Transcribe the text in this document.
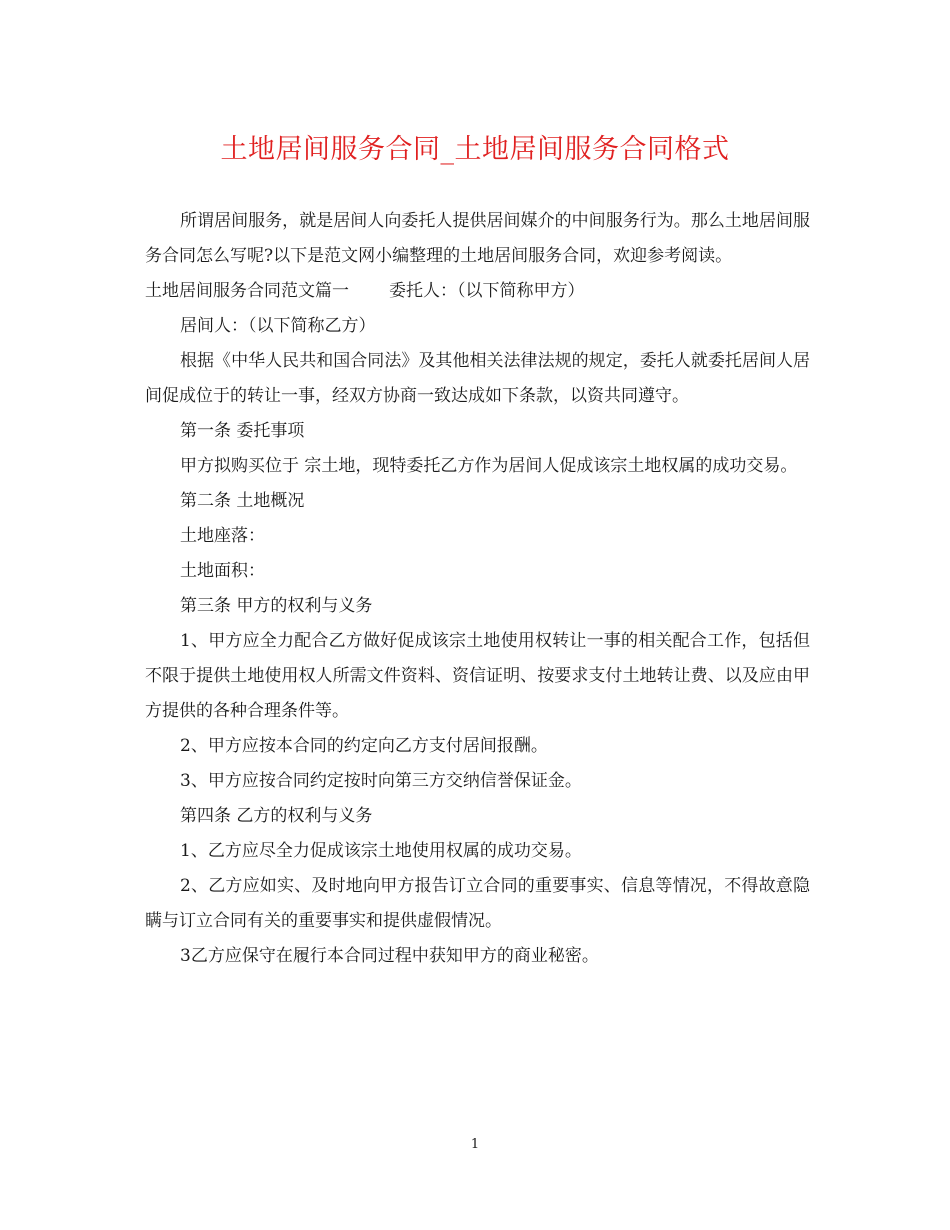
土地居间服务合同_土地居间服务合同格式

所谓居间服务，就是居间人向委托人提供居间媒介的中间服务行为。那么土地居间服务合同怎么写呢?以下是范文网小编整理的土地居间服务合同，欢迎参考阅读。

土地居间服务合同范文篇一 委托人：（以下简称甲方）

居间人：（以下简称乙方）

根据《中华人民共和国合同法》及其他相关法律法规的规定，委托人就委托居间人居间促成位于的转让一事，经双方协商一致达成如下条款，以资共同遵守。

第一条 委托事项

甲方拟购买位于 宗土地，现特委托乙方作为居间人促成该宗土地权属的成功交易。

第二条 土地概况

土地座落：

土地面积：

第三条 甲方的权利与义务

1、甲方应全力配合乙方做好促成该宗土地使用权转让一事的相关配合工作，包括但不限于提供土地使用权人所需文件资料、资信证明、按要求支付土地转让费、以及应由甲方提供的各种合理条件等。

2、甲方应按本合同的约定向乙方支付居间报酬。

3、甲方应按合同约定按时向第三方交纳信誉保证金。

第四条 乙方的权利与义务

1、乙方应尽全力促成该宗土地使用权属的成功交易。

2、乙方应如实、及时地向甲方报告订立合同的重要事实、信息等情况，不得故意隐瞒与订立合同有关的重要事实和提供虚假情况。

3乙方应保守在履行本合同过程中获知甲方的商业秘密。

1
